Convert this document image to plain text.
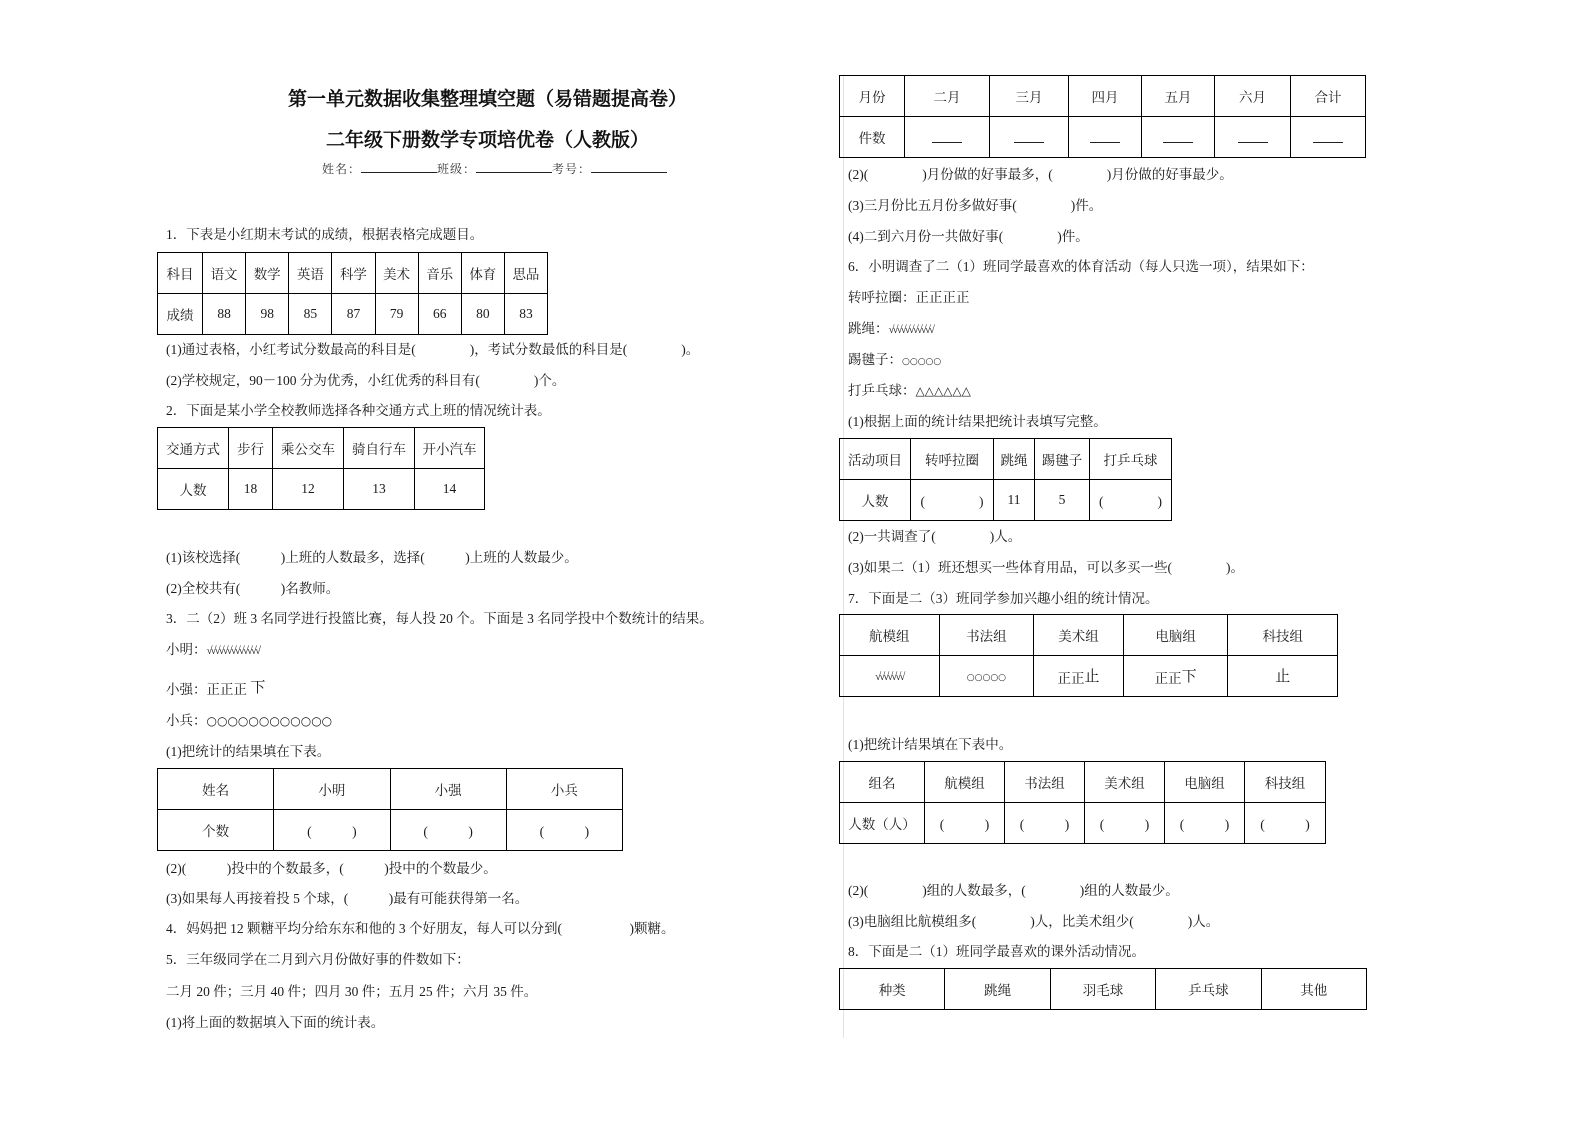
第一单元数据收集整理填空题（易错题提高卷）
二年级下册数学专项培优卷（人教版）
姓名：	班级：	考号：
1．下表是小红期末考试的成绩，根据表格完成题目。
科目	语文	数学	英语	科学	美术	音乐	体育	思品
成绩	88	98	85	87	79	66	80	83
(1)通过表格，小红考试分数最高的科目是(　　　　)，考试分数最低的科目是(　　　　)。
(2)学校规定，90－100 分为优秀，小红优秀的科目有(　　　　)个。
2．下面是某小学全校教师选择各种交通方式上班的情况统计表。
交通方式	步行	乘公交车	骑自行车	开小汽车
人数	18	12	13	14
(1)该校选择(　　　)上班的人数最多，选择(　　　)上班的人数最少。
(2)全校共有(　　　)名教师。
3．二（2）班 3 名同学进行投篮比赛，每人投 20 个。下面是 3 名同学投中个数统计的结果。
小明：√√√√√√√√√√√√√
小强：正正正 下
小兵：○○○○○○○○○○○○
(1)把统计的结果填在下表。
姓名	小明	小强	小兵
个数	(　　　)	(　　　)	(　　　)
(2)(　　　)投中的个数最多，(　　　)投中的个数最少。
(3)如果每人再接着投 5 个球，(　　　)最有可能获得第一名。
4．妈妈把 12 颗糖平均分给东东和他的 3 个好朋友，每人可以分到(　　　　　)颗糖。
5．三年级同学在二月到六月份做好事的件数如下：
二月 20 件；三月 40 件；四月 30 件；五月 25 件；六月 35 件。
(1)将上面的数据填入下面的统计表。
月份	二月	三月	四月	五月	六月	合计
件数						
(2)(　　　　)月份做的好事最多，(　　　　)月份做的好事最少。
(3)三月份比五月份多做好事(　　　　)件。
(4)二到六月份一共做好事(　　　　)件。
6．小明调查了二（1）班同学最喜欢的体育活动（每人只选一项），结果如下：
转呼拉圈：正正正正
跳绳：√√√√√√√√√√√
踢毽子：○○○○○
打乒乓球：△△△△△△
(1)根据上面的统计结果把统计表填写完整。
活动项目	转呼拉圈	跳绳	踢毽子	打乒乓球
人数	(　　　　)	11	5	(　　　　)
(2)一共调查了(　　　　)人。
(3)如果二（1）班还想买一些体育用品，可以多买一些(　　　　)。
7．下面是二（3）班同学参加兴趣小组的统计情况。
航模组	书法组	美术组	电脑组	科技组
√√√√√√√	○○○○○	正正止	正正下	止
(1)把统计结果填在下表中。
组名	航模组	书法组	美术组	电脑组	科技组
人数（人）	(　　　)	(　　　)	(　　　)	(　　　)	(　　　)
(2)(　　　　)组的人数最多，(　　　　)组的人数最少。
(3)电脑组比航模组多(　　　　)人，比美术组少(　　　　)人。
8．下面是二（1）班同学最喜欢的课外活动情况。
种类	跳绳	羽毛球	乒乓球	其他
